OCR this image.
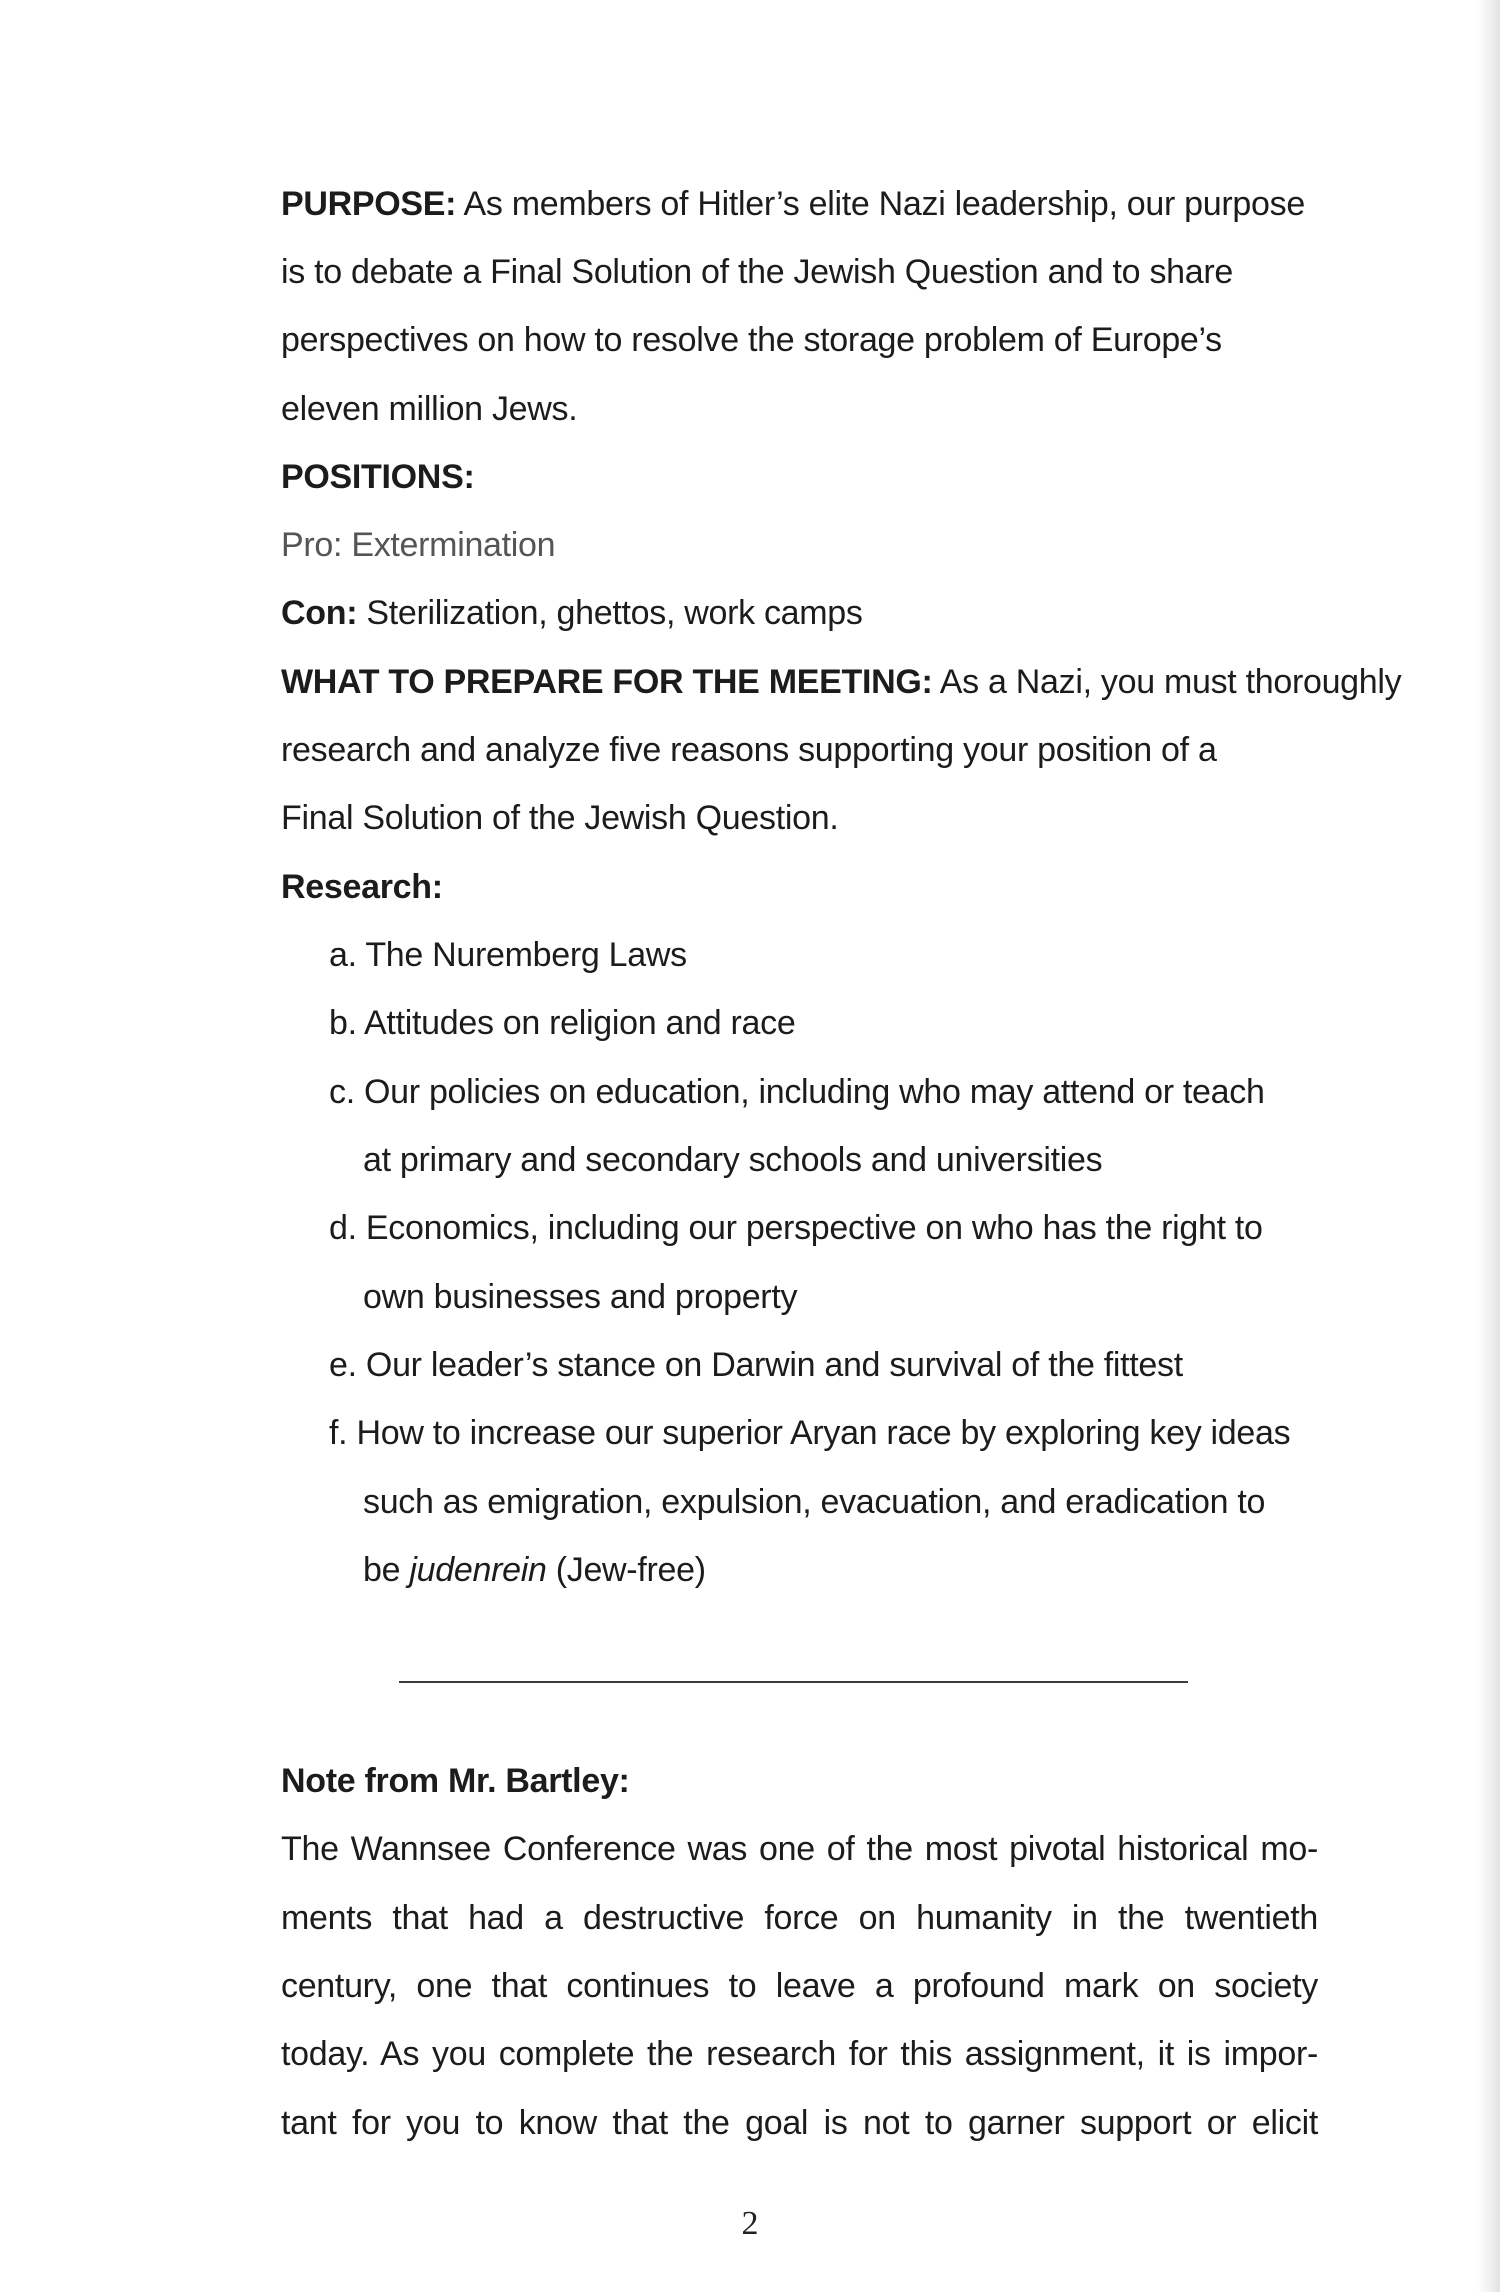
PURPOSE: As members of Hitler’s elite Nazi leadership, our purpose
is to debate a Final Solution of the Jewish Question and to share
perspectives on how to resolve the storage problem of Europe’s
eleven million Jews.
POSITIONS:
Pro: Extermination
Con: Sterilization, ghettos, work camps
WHAT TO PREPARE FOR THE MEETING: As a Nazi, you must thoroughly
research and analyze five reasons supporting your position of a
Final Solution of the Jewish Question.
Research:
a. The Nuremberg Laws
b. Attitudes on religion and race
c. Our policies on education, including who may attend or teach
at primary and secondary schools and universities
d. Economics, including our perspective on who has the right to
own businesses and property
e. Our leader’s stance on Darwin and survival of the fittest
f. How to increase our superior Aryan race by exploring key ideas
such as emigration, expulsion, evacuation, and eradication to
be judenrein (Jew-free)
Note from Mr. Bartley:
The Wannsee Conference was one of the most pivotal historical mo-
ments that had a destructive force on humanity in the twentieth
century, one that continues to leave a profound mark on society
today. As you complete the research for this assignment, it is impor-
tant for you to know that the goal is not to garner support or elicit
2
